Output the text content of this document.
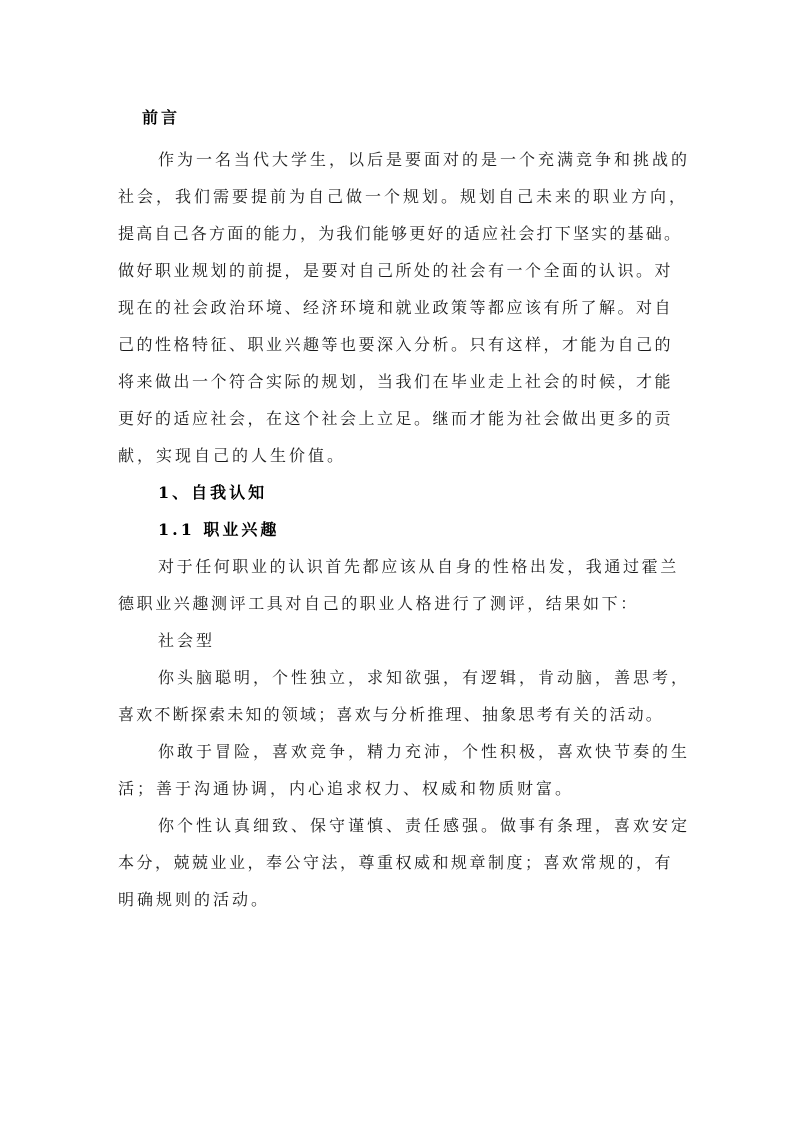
前言
作为一名当代大学生，以后是要面对的是一个充满竞争和挑战的
社会，我们需要提前为自己做一个规划。规划自己未来的职业方向，
提高自己各方面的能力，为我们能够更好的适应社会打下坚实的基础。
做好职业规划的前提，是要对自己所处的社会有一个全面的认识。对
现在的社会政治环境、经济环境和就业政策等都应该有所了解。对自
己的性格特征、职业兴趣等也要深入分析。只有这样，才能为自己的
将来做出一个符合实际的规划，当我们在毕业走上社会的时候，才能
更好的适应社会，在这个社会上立足。继而才能为社会做出更多的贡
献，实现自己的人生价值。
1、自我认知
1.1 职业兴趣
对于任何职业的认识首先都应该从自身的性格出发，我通过霍兰
德职业兴趣测评工具对自己的职业人格进行了测评，结果如下：
社会型
你头脑聪明，个性独立，求知欲强，有逻辑，肯动脑，善思考，
喜欢不断探索未知的领域；喜欢与分析推理、抽象思考有关的活动。
你敢于冒险，喜欢竞争，精力充沛，个性积极，喜欢快节奏的生
活；善于沟通协调，内心追求权力、权威和物质财富。
你个性认真细致、保守谨慎、责任感强。做事有条理，喜欢安定
本分，兢兢业业，奉公守法，尊重权威和规章制度；喜欢常规的，有
明确规则的活动。
